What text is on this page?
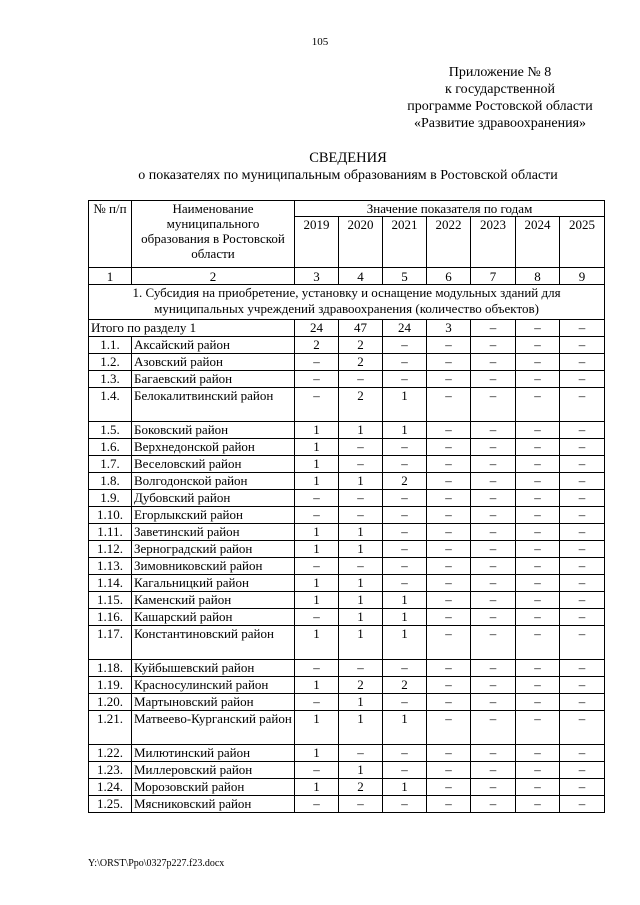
105
Приложение № 8
к государственной
программе Ростовской области
«Развитие здравоохранения»
СВЕДЕНИЯ
о показателях по муниципальным образованиям в Ростовской области
№ п/п	Наименование муниципального образования в Ростовской области	Значение показателя по годам						
		2019	2020	2021	2022	2023	2024	2025
1	2	3	4	5	6	7	8	9
1. Субсидия на приобретение, установку и оснащение модульных зданий для муниципальных учреждений здравоохранения (количество объектов)								
Итого по разделу 1		24	47	24	3	–	–	–
1.1.	Аксайский район	2	2	–	–	–	–	–
1.2.	Азовский район	–	2	–	–	–	–	–
1.3.	Багаевский район	–	–	–	–	–	–	–
1.4.	Белокалитвинский район	–	2	1	–	–	–	–
1.5.	Боковский район	1	1	1	–	–	–	–
1.6.	Верхнедонской район	1	–	–	–	–	–	–
1.7.	Веселовский район	1	–	–	–	–	–	–
1.8.	Волгодонской район	1	1	2	–	–	–	–
1.9.	Дубовский район	–	–	–	–	–	–	–
1.10.	Егорлыкский район	–	–	–	–	–	–	–
1.11.	Заветинский район	1	1	–	–	–	–	–
1.12.	Зерноградский район	1	1	–	–	–	–	–
1.13.	Зимовниковский район	–	–	–	–	–	–	–
1.14.	Кагальницкий район	1	1	–	–	–	–	–
1.15.	Каменский район	1	1	1	–	–	–	–
1.16.	Кашарский район	–	1	1	–	–	–	–
1.17.	Константиновский район	1	1	1	–	–	–	–
1.18.	Куйбышевский район	–	–	–	–	–	–	–
1.19.	Красносулинский район	1	2	2	–	–	–	–
1.20.	Мартыновский район	–	1	–	–	–	–	–
1.21.	Матвеево-Курганский район	1	1	1	–	–	–	–
1.22.	Милютинский район	1	–	–	–	–	–	–
1.23.	Миллеровский район	–	1	–	–	–	–	–
1.24.	Морозовский район	1	2	1	–	–	–	–
1.25.	Мясниковский район	–	–	–	–	–	–	–
Y:\ORST\Ppo\0327p227.f23.docx
